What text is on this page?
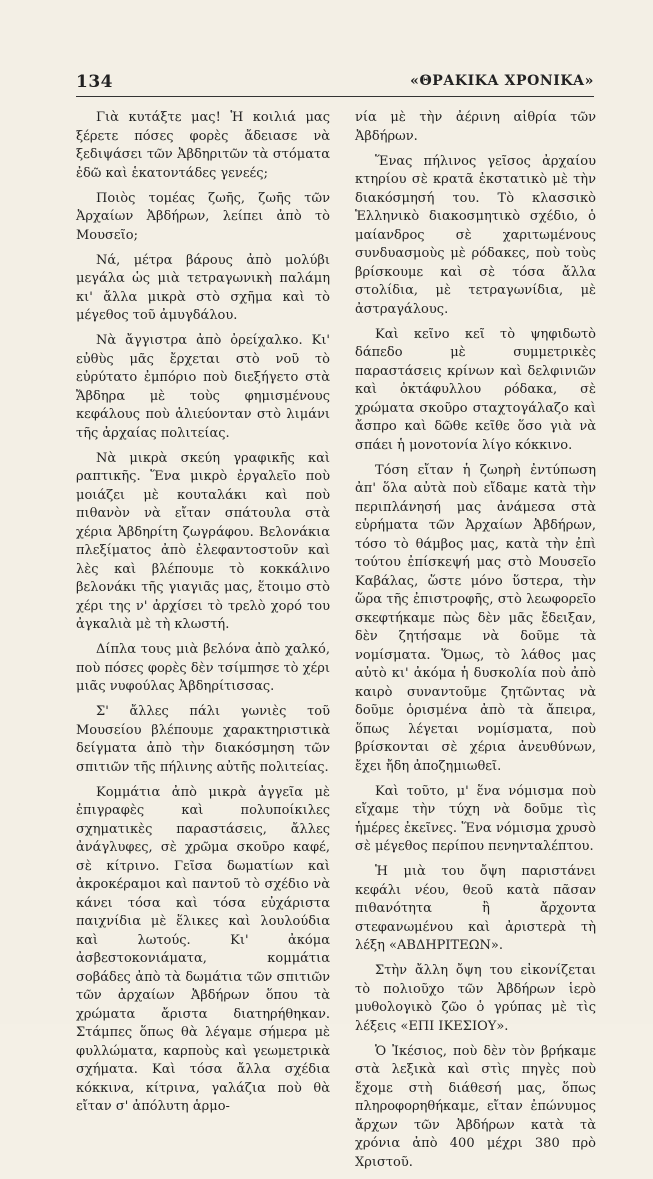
134	«ΘΡΑΚΙΚΑ ΧΡΟΝΙΚΑ»

Γιὰ κυτάξτε μας! Ἡ κοιλιά μας ξέρετε πόσες φορὲς ἄδειασε νὰ ξεδιψάσει τῶν Ἀβδηριτῶν τὰ στόματα ἐδῶ καὶ ἑκατοντάδες γενεές;

Ποιὸς τομέας ζωῆς, ζωῆς τῶν Ἀρχαίων Ἀβδήρων, λείπει ἀπὸ τὸ Μουσεῖο;

Νά, μέτρα βάρους ἀπὸ μολύβι μεγάλα ὡς μιὰ τετραγωνικὴ παλάμη κι' ἄλλα μικρὰ στὸ σχῆμα καὶ τὸ μέγεθος τοῦ ἀμυγδάλου.

Νὰ ἄγγιστρα ἀπὸ ὀρείχαλκο. Κι' εὐθὺς μᾶς ἔρχεται στὸ νοῦ τὸ εὐρύτατο ἐμπόριο ποὺ διεξήγετο στὰ Ἄβδηρα μὲ τοὺς φημισμένους κεφάλους ποὺ ἁλιεύονταν στὸ λιμάνι τῆς ἀρχαίας πολιτείας.

Νὰ μικρὰ σκεύη γραφικῆς καὶ ραπτικῆς. Ἕνα μικρὸ ἐργαλεῖο ποὺ μοιάζει μὲ κουταλάκι καὶ ποὺ πιθανὸν νὰ εἴταν σπάτουλα στὰ χέρια Ἀβδηρίτη ζωγράφου. Βελονάκια πλεξίματος ἀπὸ ἐλεφαντοστοῦν καὶ λὲς καὶ βλέπουμε τὸ κοκκάλινο βελονάκι τῆς γιαγιᾶς μας, ἕτοιμο στὸ χέρι της ν' ἀρχίσει τὸ τρελὸ χορό του ἀγκαλιὰ μὲ τὴ κλωστή.

Δίπλα τους μιὰ βελόνα ἀπὸ χαλκό, ποὺ πόσες φορὲς δὲν τσίμπησε τὸ χέρι μιᾶς νυφούλας Ἀβδηρίτισσας.

Σ' ἄλλες πάλι γωνιὲς τοῦ Μουσείου βλέπουμε χαρακτηριστικὰ δείγματα ἀπὸ τὴν διακόσμηση τῶν σπιτιῶν τῆς πήλινης αὐτῆς πολιτείας.

Κομμάτια ἀπὸ μικρὰ ἀγγεῖα μὲ ἐπιγραφὲς καὶ πολυποίκιλες σχηματικὲς παραστάσεις, ἄλλες ἀνάγλυφες, σὲ χρῶμα σκοῦρο καφέ, σὲ κίτρινο. Γεῖσα δωματίων καὶ ἀκροκέραμοι καὶ παντοῦ τὸ σχέδιο νὰ κάνει τόσα καὶ τόσα εὐχάριστα παιχνίδια μὲ ἕλικες καὶ λουλούδια καὶ λωτούς. Κι' ἀκόμα ἀσβεστοκονιάματα, κομμάτια σοβάδες ἀπὸ τὰ δωμάτια τῶν σπιτιῶν τῶν ἀρχαίων Ἀβδήρων ὅπου τὰ χρώματα ἄριστα διατηρήθηκαν. Στάμπες ὅπως θὰ λέγαμε σήμερα μὲ φυλλώματα, καρποὺς καὶ γεωμετρικὰ σχήματα. Καὶ τόσα ἄλλα σχέδια κόκκινα, κίτρινα, γαλάζια ποὺ θὰ εἴταν σ' ἀπόλυτη ἁρμο-

νία μὲ τὴν ἀέρινη αἰθρία τῶν Ἀβδήρων.

Ἕνας πήλινος γεῖσος ἀρχαίου κτηρίου σὲ κρατᾶ ἐκστατικὸ μὲ τὴν διακόσμησή του. Τὸ κλασσικὸ Ἑλληνικὸ διακοσμητικὸ σχέδιο, ὁ μαίανδρος σὲ χαριτωμένους συνδυασμοὺς μὲ ρόδακες, ποὺ τοὺς βρίσκουμε καὶ σὲ τόσα ἄλλα στολίδια, μὲ τετραγωνίδια, μὲ ἀστραγάλους.

Καὶ κεῖνο κεῖ τὸ ψηφιδωτὸ δάπεδο μὲ συμμετρικὲς παραστάσεις κρίνων καὶ δελφινιῶν καὶ ὀκτάφυλλου ρόδακα, σὲ χρώματα σκοῦρο σταχτογάλαζο καὶ ἄσπρο καὶ δῶθε κεῖθε ὅσο γιὰ νὰ σπάει ἡ μονοτονία λίγο κόκκινο.

Τόση εἴταν ἡ ζωηρὴ ἐντύπωση ἀπ' ὅλα αὐτὰ ποὺ εἴδαμε κατὰ τὴν περιπλάνησή μας ἀνάμεσα στὰ εὑρήματα τῶν Ἀρχαίων Ἀβδήρων, τόσο τὸ θάμβος μας, κατὰ τὴν ἐπὶ τούτου ἐπίσκεψή μας στὸ Μουσεῖο Καβάλας, ὥστε μόνο ὕστερα, τὴν ὥρα τῆς ἐπιστροφῆς, στὸ λεωφορεῖο σκεφτήκαμε πὼς δὲν μᾶς ἔδειξαν, δὲν ζητήσαμε νὰ δοῦμε τὰ νομίσματα. Ὅμως, τὸ λάθος μας αὐτὸ κι' ἀκόμα ἡ δυσκολία ποὺ ἀπὸ καιρὸ συναντοῦμε ζητῶντας νὰ δοῦμε ὁρισμένα ἀπὸ τὰ ἄπειρα, ὅπως λέγεται νομίσματα, ποὺ βρίσκονται σὲ χέρια ἀνευθύνων, ἔχει ἤδη ἀποζημιωθεῖ.

Καὶ τοῦτο, μ' ἕνα νόμισμα ποὺ εἴχαμε τὴν τύχη νὰ δοῦμε τὶς ἡμέρες ἐκεῖνες. Ἕνα νόμισμα χρυσὸ σὲ μέγεθος περίπου πενηνταλέπτου.

Ἡ μιὰ του ὄψη παριστάνει κεφάλι νέου, θεοῦ κατὰ πᾶσαν πιθανότητα ἢ ἄρχοντα στεφανωμένου καὶ ἀριστερὰ τὴ λέξη «ΑΒΔΗΡΙΤΕΩΝ».

Στὴν ἄλλη ὄψη του εἰκονίζεται τὸ πολιοῦχο τῶν Ἀβδήρων ἱερὸ μυθολογικὸ ζῶο ὁ γρύπας μὲ τὶς λέξεις «ΕΠΙ ΙΚΕΣΙΟΥ».

Ὁ Ἰκέσιος, ποὺ δὲν τὸν βρήκαμε στὰ λεξικὰ καὶ στὶς πηγὲς ποὺ ἔχομε στὴ διάθεσή μας, ὅπως πληροφορηθήκαμε, εἴταν ἐπώνυμος ἄρχων τῶν Ἀβδήρων κατὰ τὰ χρόνια ἀπὸ 400 μέχρι 380 πρὸ Χριστοῦ.
